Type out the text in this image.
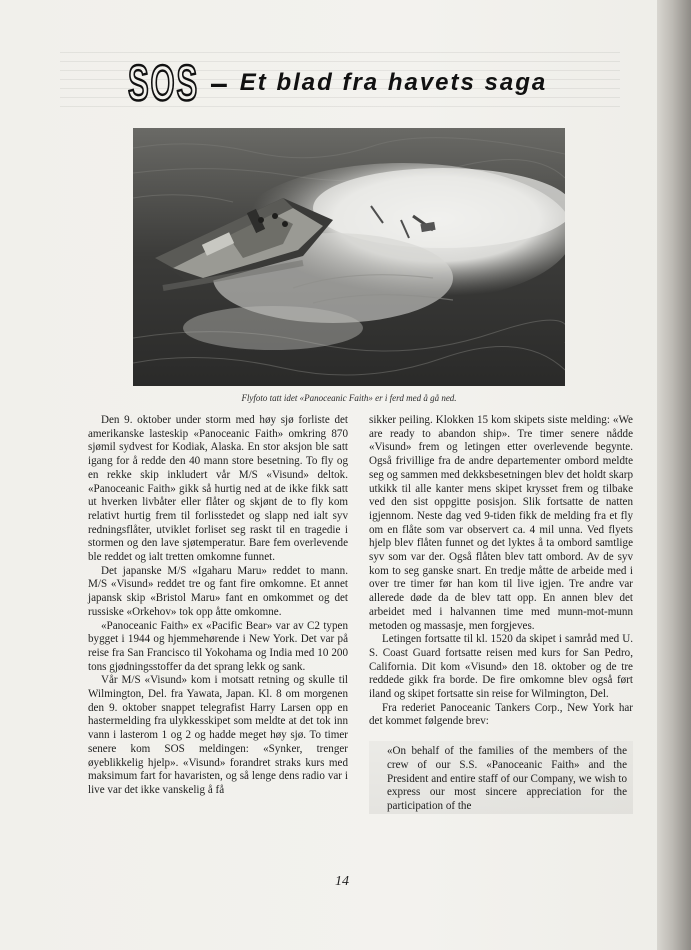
SOS – Et blad fra havets saga
Flyfoto tatt idet «Panoceanic Faith» er i ferd med å gå ned.

Den 9. oktober under storm med høy sjø forliste det amerikanske lasteskip «Panoceanic Faith» omkring 870 sjømil sydvest for Kodiak, Alaska. En stor aksjon ble satt igang for å redde den 40 mann store besetning. To fly og en rekke skip inkludert vår M/S «Visund» deltok. «Panoceanic Faith» gikk så hurtig ned at de ikke fikk satt ut hverken livbåter eller flåter og skjønt de to fly kom relativt hurtig frem til forlisstedet og slapp ned ialt syv redningsflåter, utviklet forliset seg raskt til en tragedie i stormen og den lave sjøtemperatur. Bare fem overlevende ble reddet og ialt tretten omkomne funnet.

Det japanske M/S «Igaharu Maru» reddet to mann. M/S «Visund» reddet tre og fant fire omkomne. Et annet japansk skip «Bristol Maru» fant en omkommet og det russiske «Orkehov» tok opp åtte omkomne.

«Panoceanic Faith» ex «Pacific Bear» var av C2 typen bygget i 1944 og hjemmehørende i New York. Det var på reise fra San Francisco til Yokohama og India med 10 200 tons gjødningsstoffer da det sprang lekk og sank.

Vår M/S «Visund» kom i motsatt retning og skulle til Wilmington, Del. fra Yawata, Japan. Kl. 8 om morgenen den 9. oktober snappet telegrafist Harry Larsen opp en hastermelding fra ulykkesskipet som meldte at det tok inn vann i lasterom 1 og 2 og hadde meget høy sjø. To timer senere kom SOS meldingen: «Synker, trenger øyeblikkelig hjelp». «Visund» forandret straks kurs med maksimum fart for havaristen, og så lenge dens radio var i live var det ikke vanskelig å få

sikker peiling. Klokken 15 kom skipets siste melding: «We are ready to abandon ship». Tre timer senere nådde «Visund» frem og letingen etter overlevende begynte. Også frivillige fra de andre departementer ombord meldte seg og sammen med dekksbesetningen blev det holdt skarp utkikk til alle kanter mens skipet krysset frem og tilbake ved den sist oppgitte posisjon. Slik fortsatte de natten igjennom. Neste dag ved 9-tiden fikk de melding fra et fly om en flåte som var observert ca. 4 mil unna. Ved flyets hjelp blev flåten funnet og det lyktes å ta ombord samtlige syv som var der. Også flåten blev tatt ombord. Av de syv kom to seg ganske snart. En tredje måtte de arbeide med i over tre timer før han kom til live igjen. Tre andre var allerede døde da de blev tatt opp. En annen blev det arbeidet med i halvannen time med munn-mot-munn metoden og massasje, men forgjeves.

Letingen fortsatte til kl. 1520 da skipet i samråd med U. S. Coast Guard fortsatte reisen med kurs for San Pedro, California. Dit kom «Visund» den 18. oktober og de tre reddede gikk fra borde. De fire omkomne blev også ført iland og skipet fortsatte sin reise for Wilmington, Del.

Fra rederiet Panoceanic Tankers Corp., New York har det kommet følgende brev:

«On behalf of the families of the members of the crew of our S.S. «Panoceanic Faith» and the President and entire staff of our Company, we wish to express our most sincere appreciation for the participation of the

14
